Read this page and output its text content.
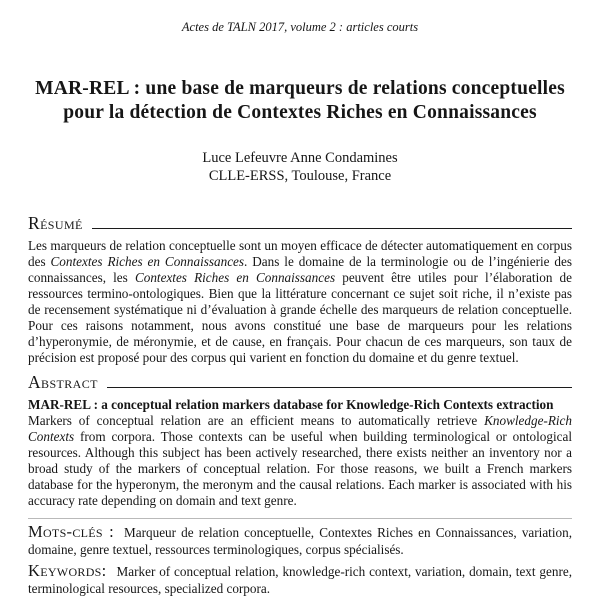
Actes de TALN 2017, volume 2 : articles courts
MAR-REL : une base de marqueurs de relations conceptuelles
pour la détection de Contextes Riches en Connaissances
Luce Lefeuvre Anne Condamines
CLLE-ERSS, Toulouse, France
Résumé
Les marqueurs de relation conceptuelle sont un moyen efficace de détecter automatiquement en corpus des Contextes Riches en Connaissances. Dans le domaine de la terminologie ou de l’ingénierie des connaissances, les Contextes Riches en Connaissances peuvent être utiles pour l’élaboration de ressources termino-ontologiques. Bien que la littérature concernant ce sujet soit riche, il n’existe pas de recensement systématique ni d’évaluation à grande échelle des marqueurs de relation conceptuelle. Pour ces raisons notamment, nous avons constitué une base de marqueurs pour les relations d’hyperonymie, de méronymie, et de cause, en français. Pour chacun de ces marqueurs, son taux de précision est proposé pour des corpus qui varient en fonction du domaine et du genre textuel.
Abstract
MAR-REL : a conceptual relation markers database for Knowledge-Rich Contexts extraction
Markers of conceptual relation are an efficient means to automatically retrieve Knowledge-Rich Contexts from corpora. Those contexts can be useful when building terminological or ontological resources. Although this subject has been actively researched, there exists neither an inventory nor a broad study of the markers of conceptual relation. For those reasons, we built a French markers database for the hyperonym, the meronym and the causal relations. Each marker is associated with his accuracy rate depending on domain and text genre.
Mots-clés : Marqueur de relation conceptuelle, Contextes Riches en Connaissances, variation, domaine, genre textuel, ressources terminologiques, corpus spécialisés.
Keywords: Marker of conceptual relation, knowledge-rich context, variation, domain, text genre, terminological resources, specialized corpora.
